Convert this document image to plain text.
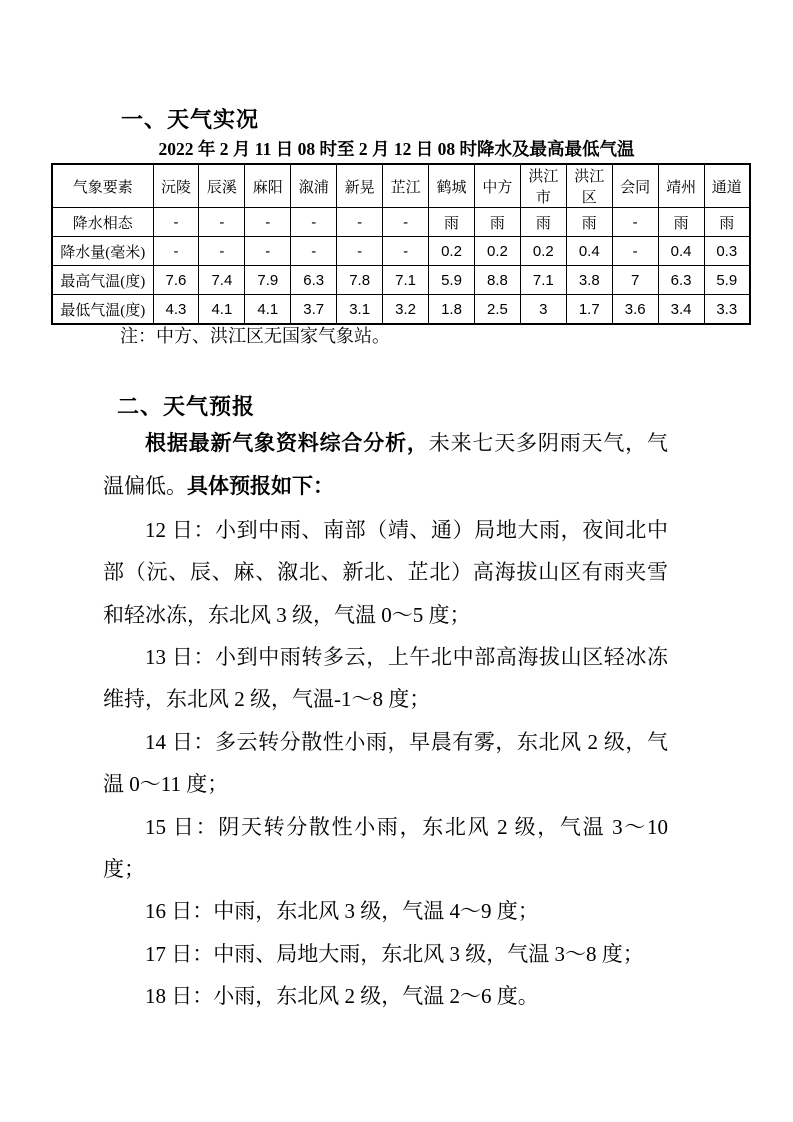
一、天气实况
2022 年 2 月 11 日 08 时至 2 月 12 日 08 时降水及最高最低气温
气象要素	沅陵	辰溪	麻阳	溆浦	新晃	芷江	鹤城	中方	洪江市	洪江区	会同	靖州	通道
降水相态	-	-	-	-	-	-	雨	雨	雨	雨	-	雨	雨
降水量(毫米)	-	-	-	-	-	-	0.2	0.2	0.2	0.4	-	0.4	0.3
最高气温(度)	7.6	7.4	7.9	6.3	7.8	7.1	5.9	8.8	7.1	3.8	7	6.3	5.9
最低气温(度)	4.3	4.1	4.1	3.7	3.1	3.2	1.8	2.5	3	1.7	3.6	3.4	3.3
注：中方、洪江区无国家气象站。
二、天气预报

根据最新气象资料综合分析，未来七天多阴雨天气，气温偏低。具体预报如下：

12 日：小到中雨、南部（靖、通）局地大雨，夜间北中部（沅、辰、麻、溆北、新北、芷北）高海拔山区有雨夹雪和轻冰冻，东北风 3 级，气温 0～5 度；

13 日：小到中雨转多云，上午北中部高海拔山区轻冰冻维持，东北风 2 级，气温-1～8 度；

14 日：多云转分散性小雨，早晨有雾，东北风 2 级，气温 0～11 度；

15 日：阴天转分散性小雨，东北风 2 级，气温 3～10 度；

16 日：中雨，东北风 3 级，气温 4～9 度；

17 日：中雨、局地大雨，东北风 3 级，气温 3～8 度；

18 日：小雨，东北风 2 级，气温 2～6 度。
